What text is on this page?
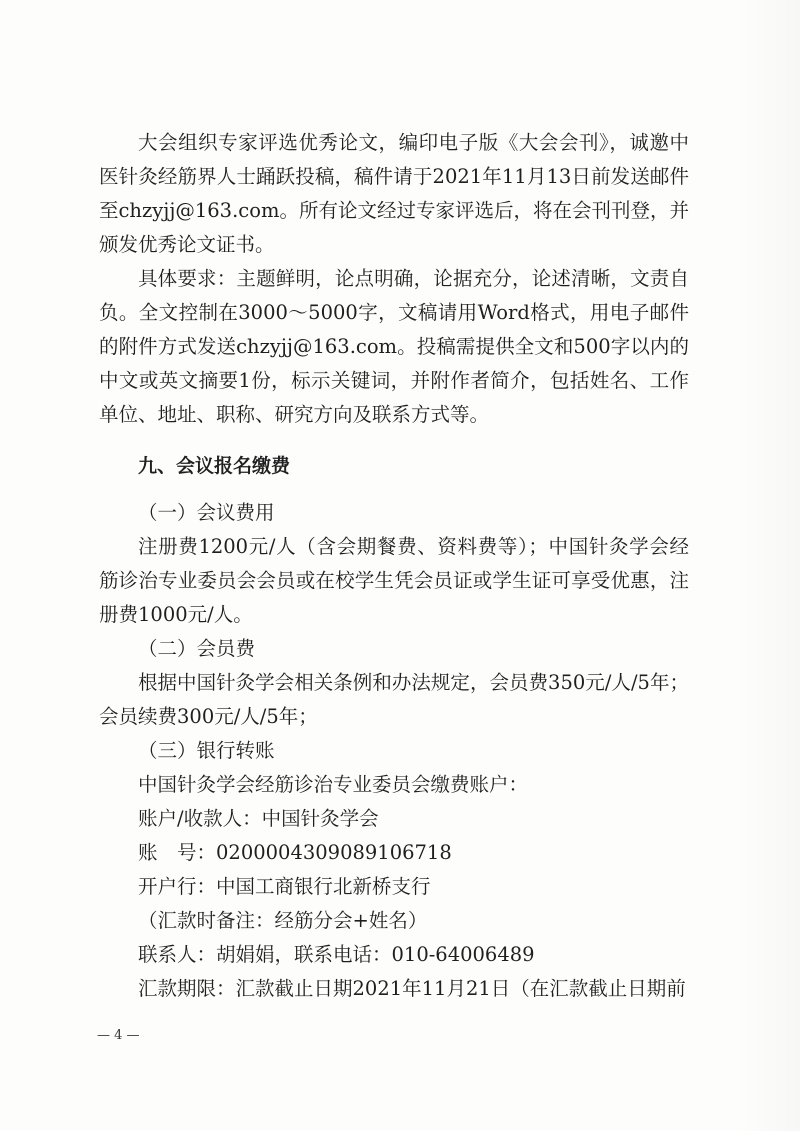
大会组织专家评选优秀论文，编印电子版《大会会刊》，诚邀中医针灸经筋界人士踊跃投稿，稿件请于2021年11月13日前发送邮件至chzyjj@163.com。所有论文经过专家评选后，将在会刊刊登，并颁发优秀论文证书。

具体要求：主题鲜明，论点明确，论据充分，论述清晰，文责自负。全文控制在3000～5000字，文稿请用Word格式，用电子邮件的附件方式发送chzyjj@163.com。投稿需提供全文和500字以内的中文或英文摘要1份，标示关键词，并附作者简介，包括姓名、工作单位、地址、职称、研究方向及联系方式等。

九、会议报名缴费

（一）会议费用

注册费1200元/人（含会期餐费、资料费等）；中国针灸学会经筋诊治专业委员会会员或在校学生凭会员证或学生证可享受优惠，注册费1000元/人。

（二）会员费

根据中国针灸学会相关条例和办法规定，会员费350元/人/5年；会员续费300元/人/5年；

（三）银行转账

中国针灸学会经筋诊治专业委员会缴费账户：

账户/收款人：中国针灸学会

账　号：0200004309089106718

开户行：中国工商银行北新桥支行

（汇款时备注：经筋分会+姓名）

联系人：胡娟娟，联系电话：010-64006489

汇款期限：汇款截止日期2021年11月21日（在汇款截止日期前

— 4 —
